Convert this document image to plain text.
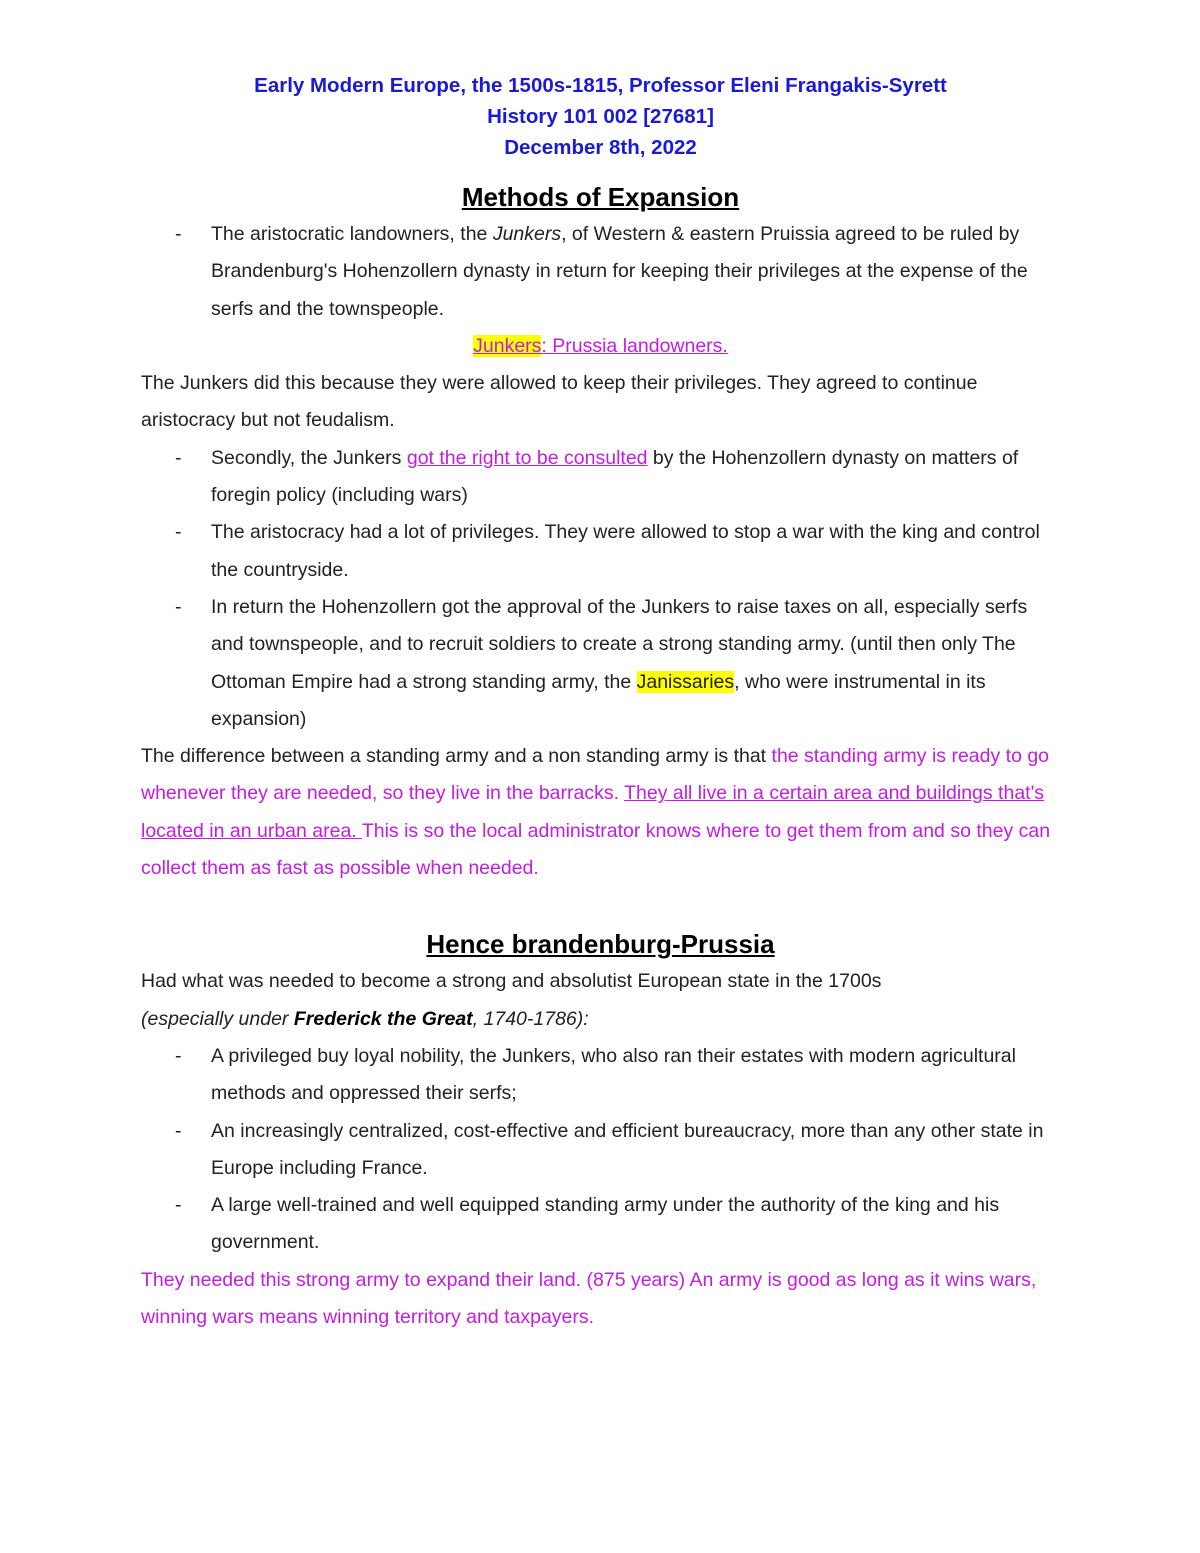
Early Modern Europe, the 1500s-1815, Professor Eleni Frangakis-Syrett
History 101 002 [27681]
December 8th, 2022
Methods of Expansion
- The aristocratic landowners, the Junkers, of Western & eastern Pruissia agreed to be ruled by Brandenburg's Hohenzollern dynasty in return for keeping their privileges at the expense of the serfs and the townspeople.

Junkers: Prussia landowners.

The Junkers did this because they were allowed to keep their privileges. They agreed to continue aristocracy but not feudalism.

- Secondly, the Junkers got the right to be consulted by the Hohenzollern dynasty on matters of foregin policy (including wars)
- The aristocracy had a lot of privileges. They were allowed to stop a war with the king and control the countryside.
- In return the Hohenzollern got the approval of the Junkers to raise taxes on all, especially serfs and townspeople, and to recruit soldiers to create a strong standing army. (until then only The Ottoman Empire had a strong standing army, the Janissaries, who were instrumental in its expansion)

The difference between a standing army and a non standing army is that the standing army is ready to go whenever they are needed, so they live in the barracks. They all live in a certain area and buildings that's located in an urban area. This is so the local administrator knows where to get them from and so they can collect them as fast as possible when needed.

Hence brandenburg-Prussia

Had what was needed to become a strong and absolutist European state in the 1700s

(especially under Frederick the Great, 1740-1786):

- A privileged buy loyal nobility, the Junkers, who also ran their estates with modern agricultural methods and oppressed their serfs;
- An increasingly centralized, cost-effective and efficient bureaucracy, more than any other state in Europe including France.
- A large well-trained and well equipped standing army under the authority of the king and his government.

They needed this strong army to expand their land. (875 years) An army is good as long as it wins wars, winning wars means winning territory and taxpayers.
